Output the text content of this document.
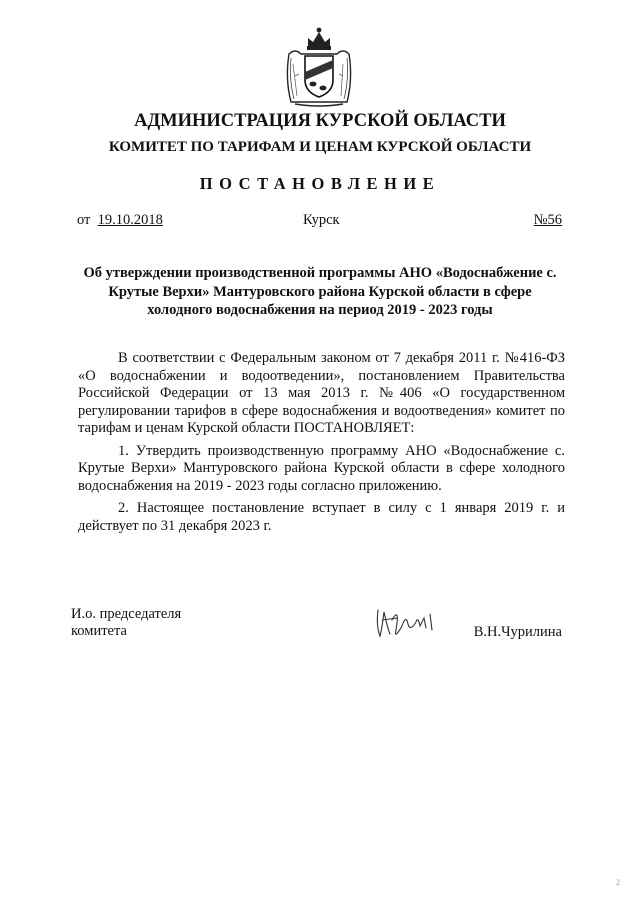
АДМИНИСТРАЦИЯ КУРСКОЙ ОБЛАСТИ
КОМИТЕТ ПО ТАРИФАМ И ЦЕНАМ КУРСКОЙ ОБЛАСТИ
ПОСТАНОВЛЕНИЕ
от 19.10.2018	Курск	№56
Об утверждении производственной программы АНО «Водоснабжение с. Крутые Верхи» Мантуровского района Курской области в сфере холодного водоснабжения на период 2019 - 2023 годы

В соответствии с Федеральным законом от 7 декабря 2011 г. №416-ФЗ «О водоснабжении и водоотведении», постановлением Правительства Российской Федерации от 13 мая 2013 г. №406 «О государственном регулировании тарифов в сфере водоснабжения и водоотведения» комитет по тарифам и ценам Курской области ПОСТАНОВЛЯЕТ:

1. Утвердить производственную программу АНО «Водоснабжение с. Крутые Верхи» Мантуровского района Курской области в сфере холодного водоснабжения на 2019 - 2023 годы согласно приложению.

2. Настоящее постановление вступает в силу с 1 января 2019 г. и действует по 31 декабря 2023 г.

И.о. председателя
комитета	В.Н.Чурилина
2
